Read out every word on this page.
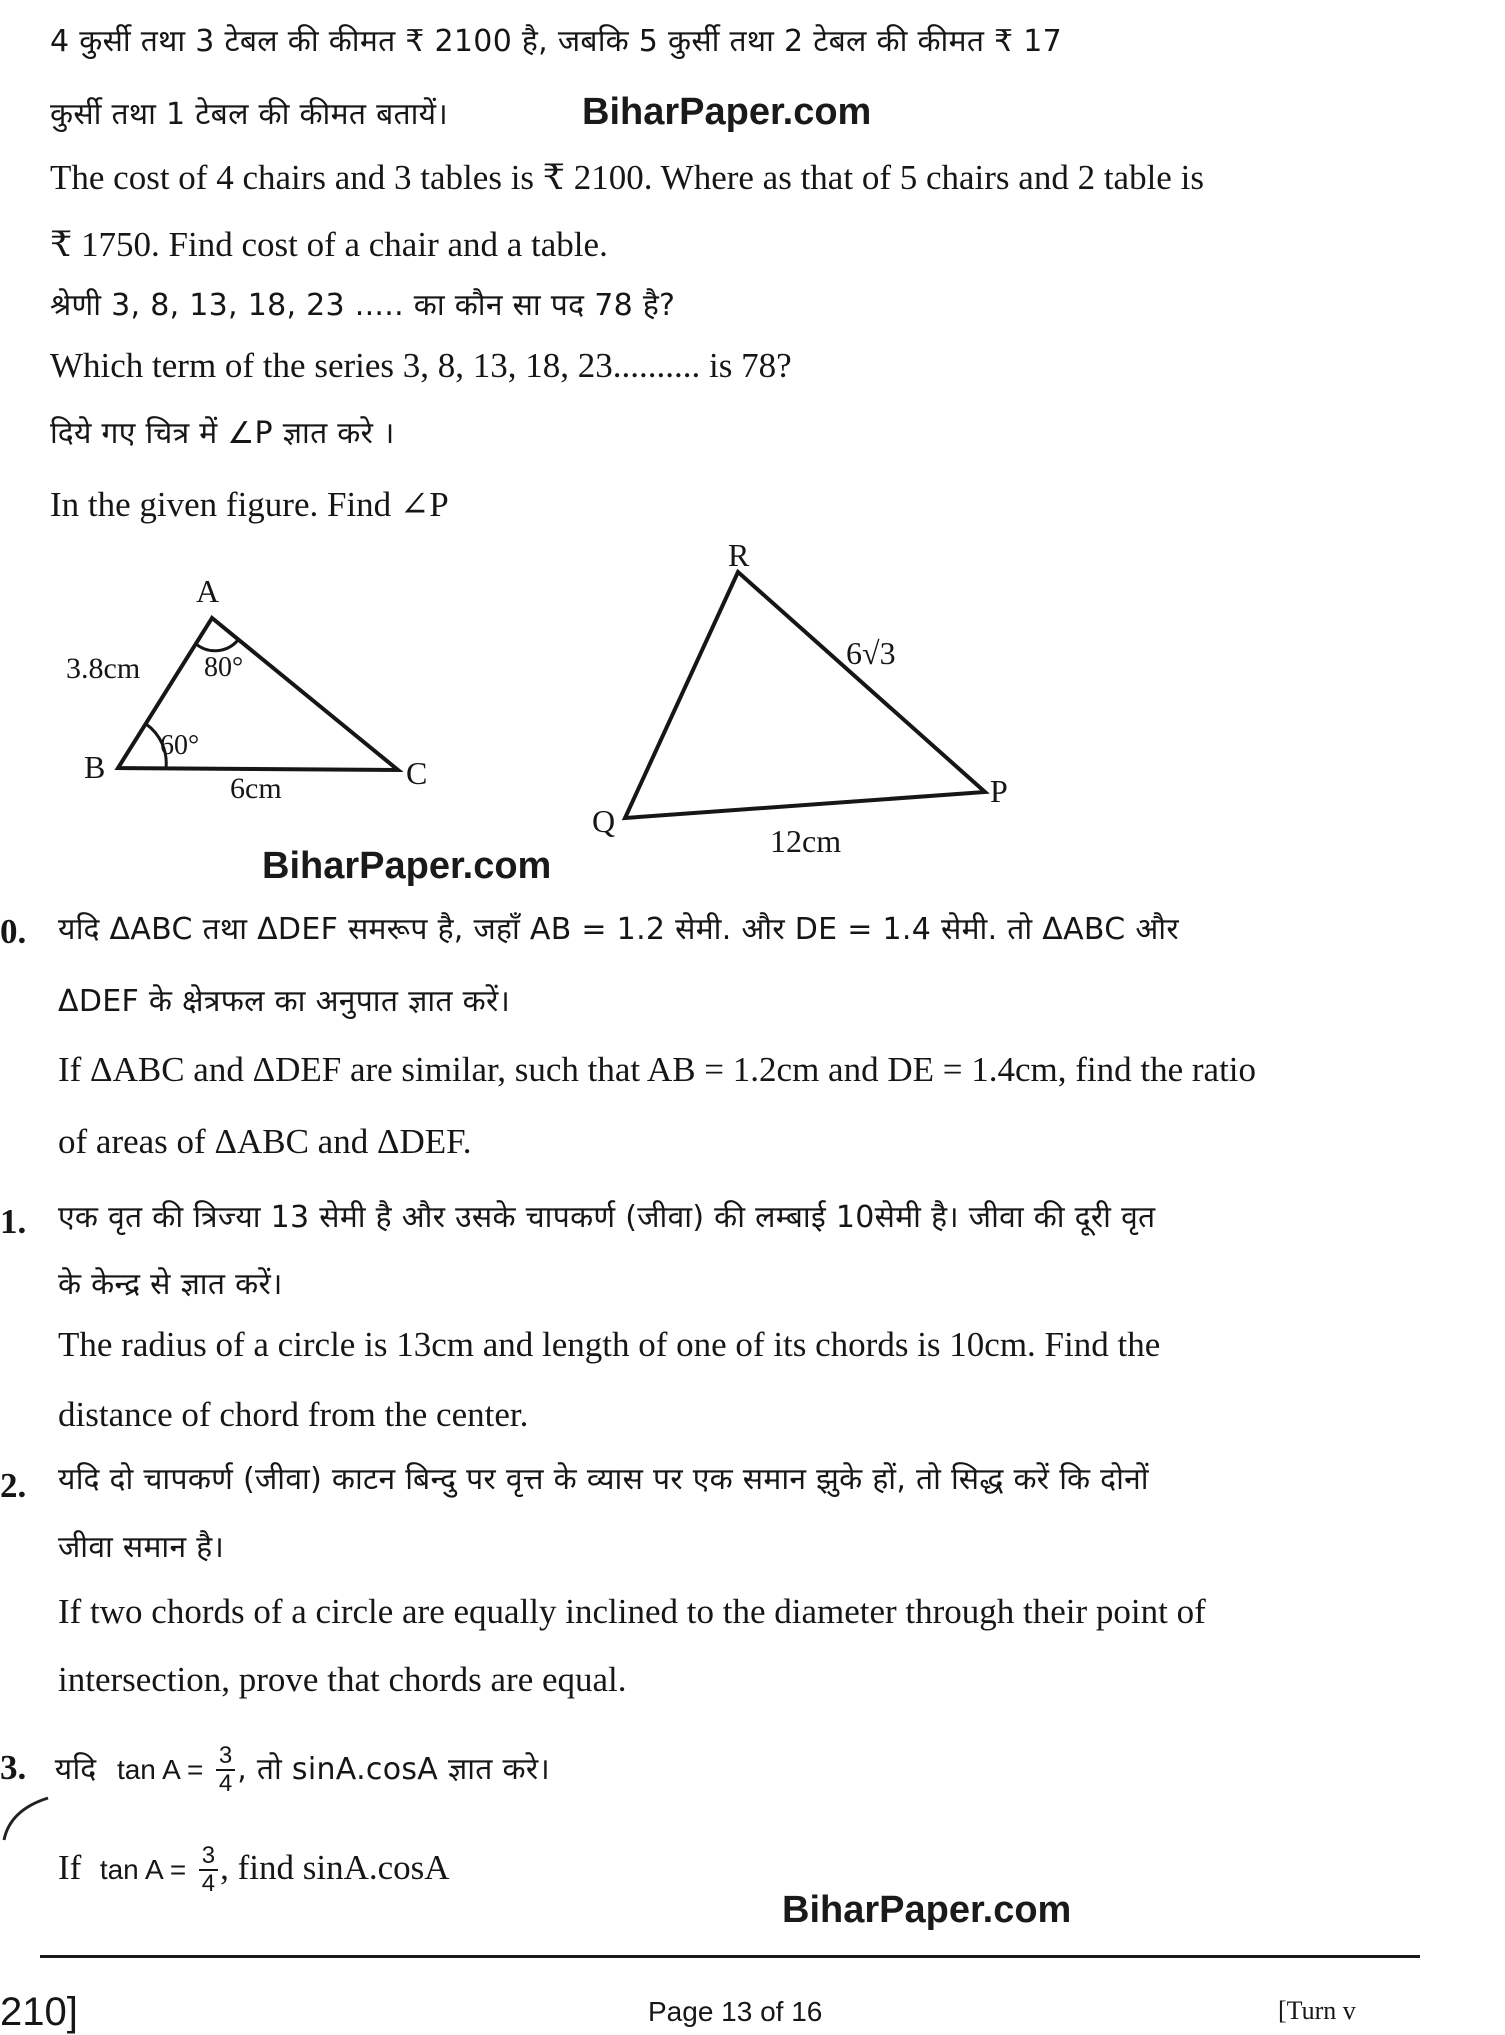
4 कुर्सी तथा 3 टेबल की कीमत ₹ 2100 है, जबकि 5 कुर्सी तथा 2 टेबल की कीमत ₹ 17
कुर्सी तथा 1 टेबल की कीमत बतायें।	BiharPaper.com
The cost of 4 chairs and 3 tables is ₹ 2100. Where as that of 5 chairs and 2 table is
₹ 1750. Find cost of a chair and a table.
श्रेणी 3, 8, 13, 18, 23 ..... का कौन सा पद 78 है?
Which term of the series 3, 8, 13, 18, 23.......... is 78?
दिये गए चित्र में ∠P ज्ञात करे ।
In the given figure. Find ∠P
A
B	C
3.8cm
6cm
80°
60°
R
Q
P
6√3
12cm
BiharPaper.com
0. यदि ΔABC तथा ΔDEF समरूप है, जहाँ AB = 1.2 सेमी. और DE = 1.4 सेमी. तो ΔABC और
ΔDEF के क्षेत्रफल का अनुपात ज्ञात करें।
If ΔABC and ΔDEF are similar, such that AB = 1.2cm and DE = 1.4cm, find the ratio
of areas of ΔABC and ΔDEF.
1. एक वृत की त्रिज्या 13 सेमी है और उसके चापकर्ण (जीवा) की लम्बाई 10सेमी है। जीवा की दूरी वृत
के केन्द्र से ज्ञात करें।
The radius of a circle is 13cm and length of one of its chords is 10cm. Find the
distance of chord from the center.
2. यदि दो चापकर्ण (जीवा) काटन बिन्दु पर वृत्त के व्यास पर एक समान झुके हों, तो सिद्ध करें कि दोनों
जीवा समान है।
If two chords of a circle are equally inclined to the diameter through their point of
intersection, prove that chords are equal.
3. यदि $\tan A = \frac{3}{4}$ , तो sinA.cosA ज्ञात करे।
If $\tan A = \frac{3}{4}$ , find sinA.cosA
BiharPaper.com
210]	Page 13 of 16	[Turn v
